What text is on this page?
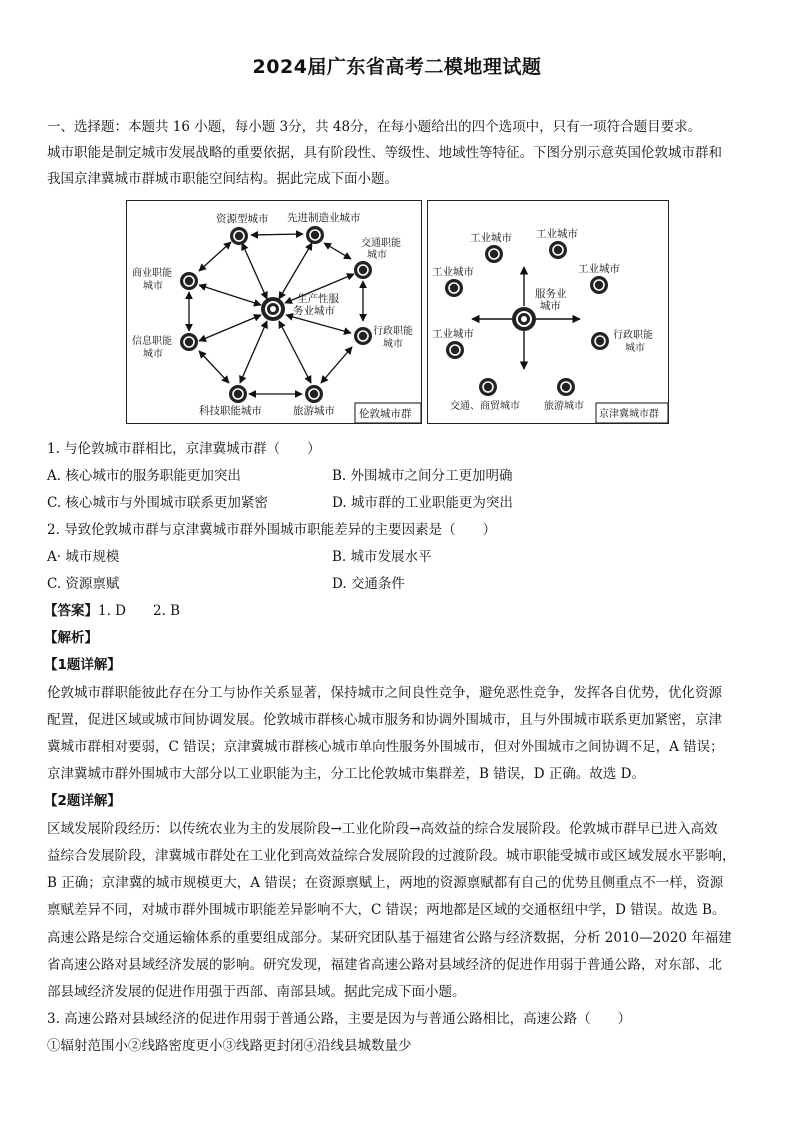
2024届广东省高考二模地理试题
一、选择题：本题共 16 小题，每小题 3分，共 48分，在每小题给出的四个选项中，只有一项符合题目要求。
城市职能是制定城市发展战略的重要依据，具有阶段性、等级性、地域性等特征。下图分别示意英国伦敦城市群和
我国京津冀城市群城市职能空间结构。据此完成下面小题。
资源型城市 先进制造业城市
交通职能
城市
商业职能
城市
生产性服
务业城市
行政职能
城市
信息职能
城市
科技职能城市	旅游城市 伦敦城市群
工业城市 工业城市
工业城市	工业城市
工业城市
服务业
城市
行政职能
城市
交通、商贸城市 旅游城市
京津冀城市群
1. 与伦敦城市群相比，京津冀城市群（　　）
A. 核心城市的服务职能更加突出	B. 外围城市之间分工更加明确
C. 核心城市与外围城市联系更加紧密	D. 城市群的工业职能更为突出
2. 导致伦敦城市群与京津冀城市群外围城市职能差异的主要因素是（　　）
A· 城市规模	B. 城市发展水平
C. 资源禀赋	D. 交通条件
【答案】1. D　　2. B
【解析】
【1题详解】
伦敦城市群职能彼此存在分工与协作关系显著，保持城市之间良性竞争，避免恶性竞争，发挥各自优势，优化资源
配置，促进区域或城市间协调发展。伦敦城市群核心城市服务和协调外围城市，且与外围城市联系更加紧密，京津
冀城市群相对要弱，C 错误；京津冀城市群核心城市单向性服务外围城市，但对外围城市之间协调不足，A 错误；
京津冀城市群外围城市大部分以工业职能为主，分工比伦敦城市集群差，B 错误，D 正确。故选 D。
【2题详解】
区域发展阶段经历：以传统农业为主的发展阶段→工业化阶段→高效益的综合发展阶段。伦敦城市群早已进入高效
益综合发展阶段，津冀城市群处在工业化到高效益综合发展阶段的过渡阶段。城市职能受城市或区域发展水平影响，
B 正确；京津冀的城市规模更大，A 错误；在资源禀赋上，两地的资源禀赋都有自己的优势且侧重点不一样，资源
禀赋差异不同，对城市群外围城市职能差异影响不大，C 错误；两地都是区域的交通枢纽中学，D 错误。故选 B。
高速公路是综合交通运输体系的重要组成部分。某研究团队基于福建省公路与经济数据，分析 2010—2020 年福建
省高速公路对县域经济发展的影响。研究发现，福建省高速公路对县域经济的促进作用弱于普通公路，对东部、北
部县域经济发展的促进作用强于西部、南部县域。据此完成下面小题。
3. 高速公路对县域经济的促进作用弱于普通公路，主要是因为与普通公路相比，高速公路（　　）
①辐射范围小②线路密度更小③线路更封闭④沿线县城数量少
